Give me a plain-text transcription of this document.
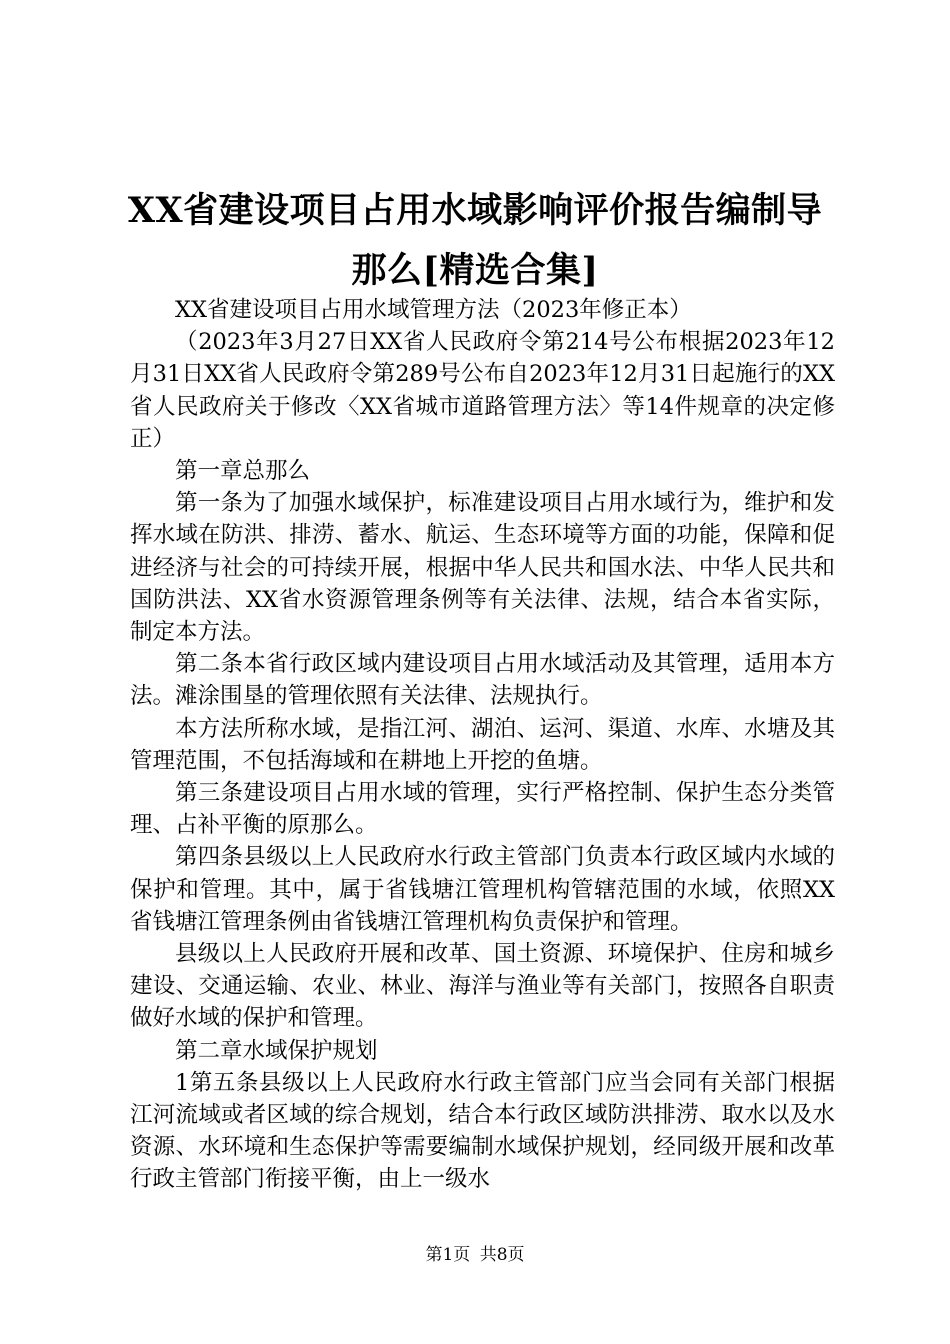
XX省建设项目占用水域影响评价报告编制导
那么[精选合集]

XX省建设项目占用水域管理方法（2023年修正本）

（2023年3月27日XX省人民政府令第214号公布根据2023年12月31日XX省人民政府令第289号公布自2023年12月31日起施行的XX省人民政府关于修改〈XX省城市道路管理方法〉等14件规章的决定修正）

第一章总那么

第一条为了加强水域保护，标准建设项目占用水域行为，维护和发挥水域在防洪、排涝、蓄水、航运、生态环境等方面的功能，保障和促进经济与社会的可持续开展，根据中华人民共和国水法、中华人民共和国防洪法、XX省水资源管理条例等有关法律、法规，结合本省实际，制定本方法。

第二条本省行政区域内建设项目占用水域活动及其管理，适用本方法。滩涂围垦的管理依照有关法律、法规执行。

本方法所称水域，是指江河、湖泊、运河、渠道、水库、水塘及其管理范围，不包括海域和在耕地上开挖的鱼塘。

第三条建设项目占用水域的管理，实行严格控制、保护生态分类管理、占补平衡的原那么。

第四条县级以上人民政府水行政主管部门负责本行政区域内水域的保护和管理。其中，属于省钱塘江管理机构管辖范围的水域，依照XX省钱塘江管理条例由省钱塘江管理机构负责保护和管理。

县级以上人民政府开展和改革、国土资源、环境保护、住房和城乡建设、交通运输、农业、林业、海洋与渔业等有关部门，按照各自职责做好水域的保护和管理。

第二章水域保护规划

1第五条县级以上人民政府水行政主管部门应当会同有关部门根据江河流域或者区域的综合规划，结合本行政区域防洪排涝、取水以及水资源、水环境和生态保护等需要编制水域保护规划，经同级开展和改革行政主管部门衔接平衡，由上一级水

第1页 共8页
